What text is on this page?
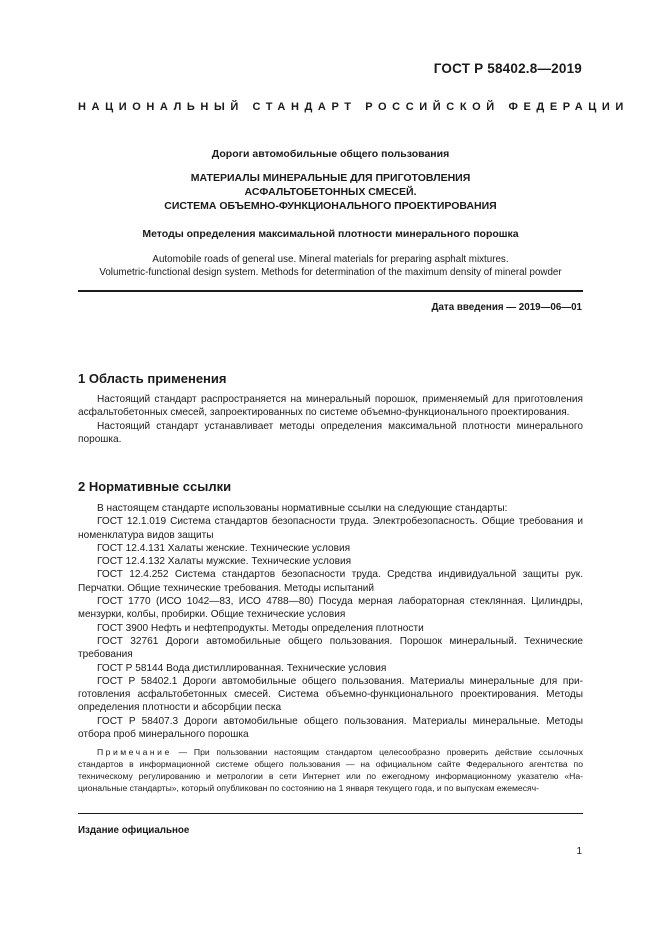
ГОСТ Р 58402.8—2019
НАЦИОНАЛЬНЫЙ СТАНДАРТ РОССИЙСКОЙ ФЕДЕРАЦИИ
Дороги автомобильные общего пользования
МАТЕРИАЛЫ МИНЕРАЛЬНЫЕ ДЛЯ ПРИГОТОВЛЕНИЯ
АСФАЛЬТОБЕТОННЫХ СМЕСЕЙ.
СИСТЕМА ОБЪЕМНО-ФУНКЦИОНАЛЬНОГО ПРОЕКТИРОВАНИЯ
Методы определения максимальной плотности минерального порошка
Automobile roads of general use. Mineral materials for preparing asphalt mixtures.
Volumetric-functional design system. Methods for determination of the maximum density of mineral powder
Дата введения — 2019—06—01
1 Область применения

Настоящий стандарт распространяется на минеральный порошок, применяемый для приготовления асфальтобетонных смесей, запроектированных по системе объемно-функционального проектирования.

Настоящий стандарт устанавливает методы определения максимальной плотности минерального порошка.

2 Нормативные ссылки

В настоящем стандарте использованы нормативные ссылки на следующие стандарты:

ГОСТ 12.1.019 Система стандартов безопасности труда. Электробезопасность. Общие требования и номенклатура видов защиты

ГОСТ 12.4.131 Халаты женские. Технические условия

ГОСТ 12.4.132 Халаты мужские. Технические условия

ГОСТ 12.4.252 Система стандартов безопасности труда. Средства индивидуальной защиты рук. Перчатки. Общие технические требования. Методы испытаний

ГОСТ 1770 (ИСО 1042—83, ИСО 4788—80) Посуда мерная лабораторная стеклянная. Цилиндры, мензурки, колбы, пробирки. Общие технические условия

ГОСТ 3900 Нефть и нефтепродукты. Методы определения плотности

ГОСТ 32761 Дороги автомобильные общего пользования. Порошок минеральный. Технические требования

ГОСТ Р 58144 Вода дистиллированная. Технические условия

ГОСТ Р 58402.1 Дороги автомобильные общего пользования. Материалы минеральные для приготовления асфальтобетонных смесей. Система объемно-функционального проектирования. Методы определения плотности и абсорбции песка

ГОСТ Р 58407.3 Дороги автомобильные общего пользования. Материалы минеральные. Методы отбора проб минерального порошка

Примечание — При пользовании настоящим стандартом целесообразно проверить действие ссылочных стандартов в информационной системе общего пользования — на официальном сайте Федерального агентства по техническому регулированию и метрологии в сети Интернет или по ежегодному информационному указателю «Национальные стандарты», который опубликован по состоянию на 1 января текущего года, и по выпускам ежемесяч-
Издание официальное
1
